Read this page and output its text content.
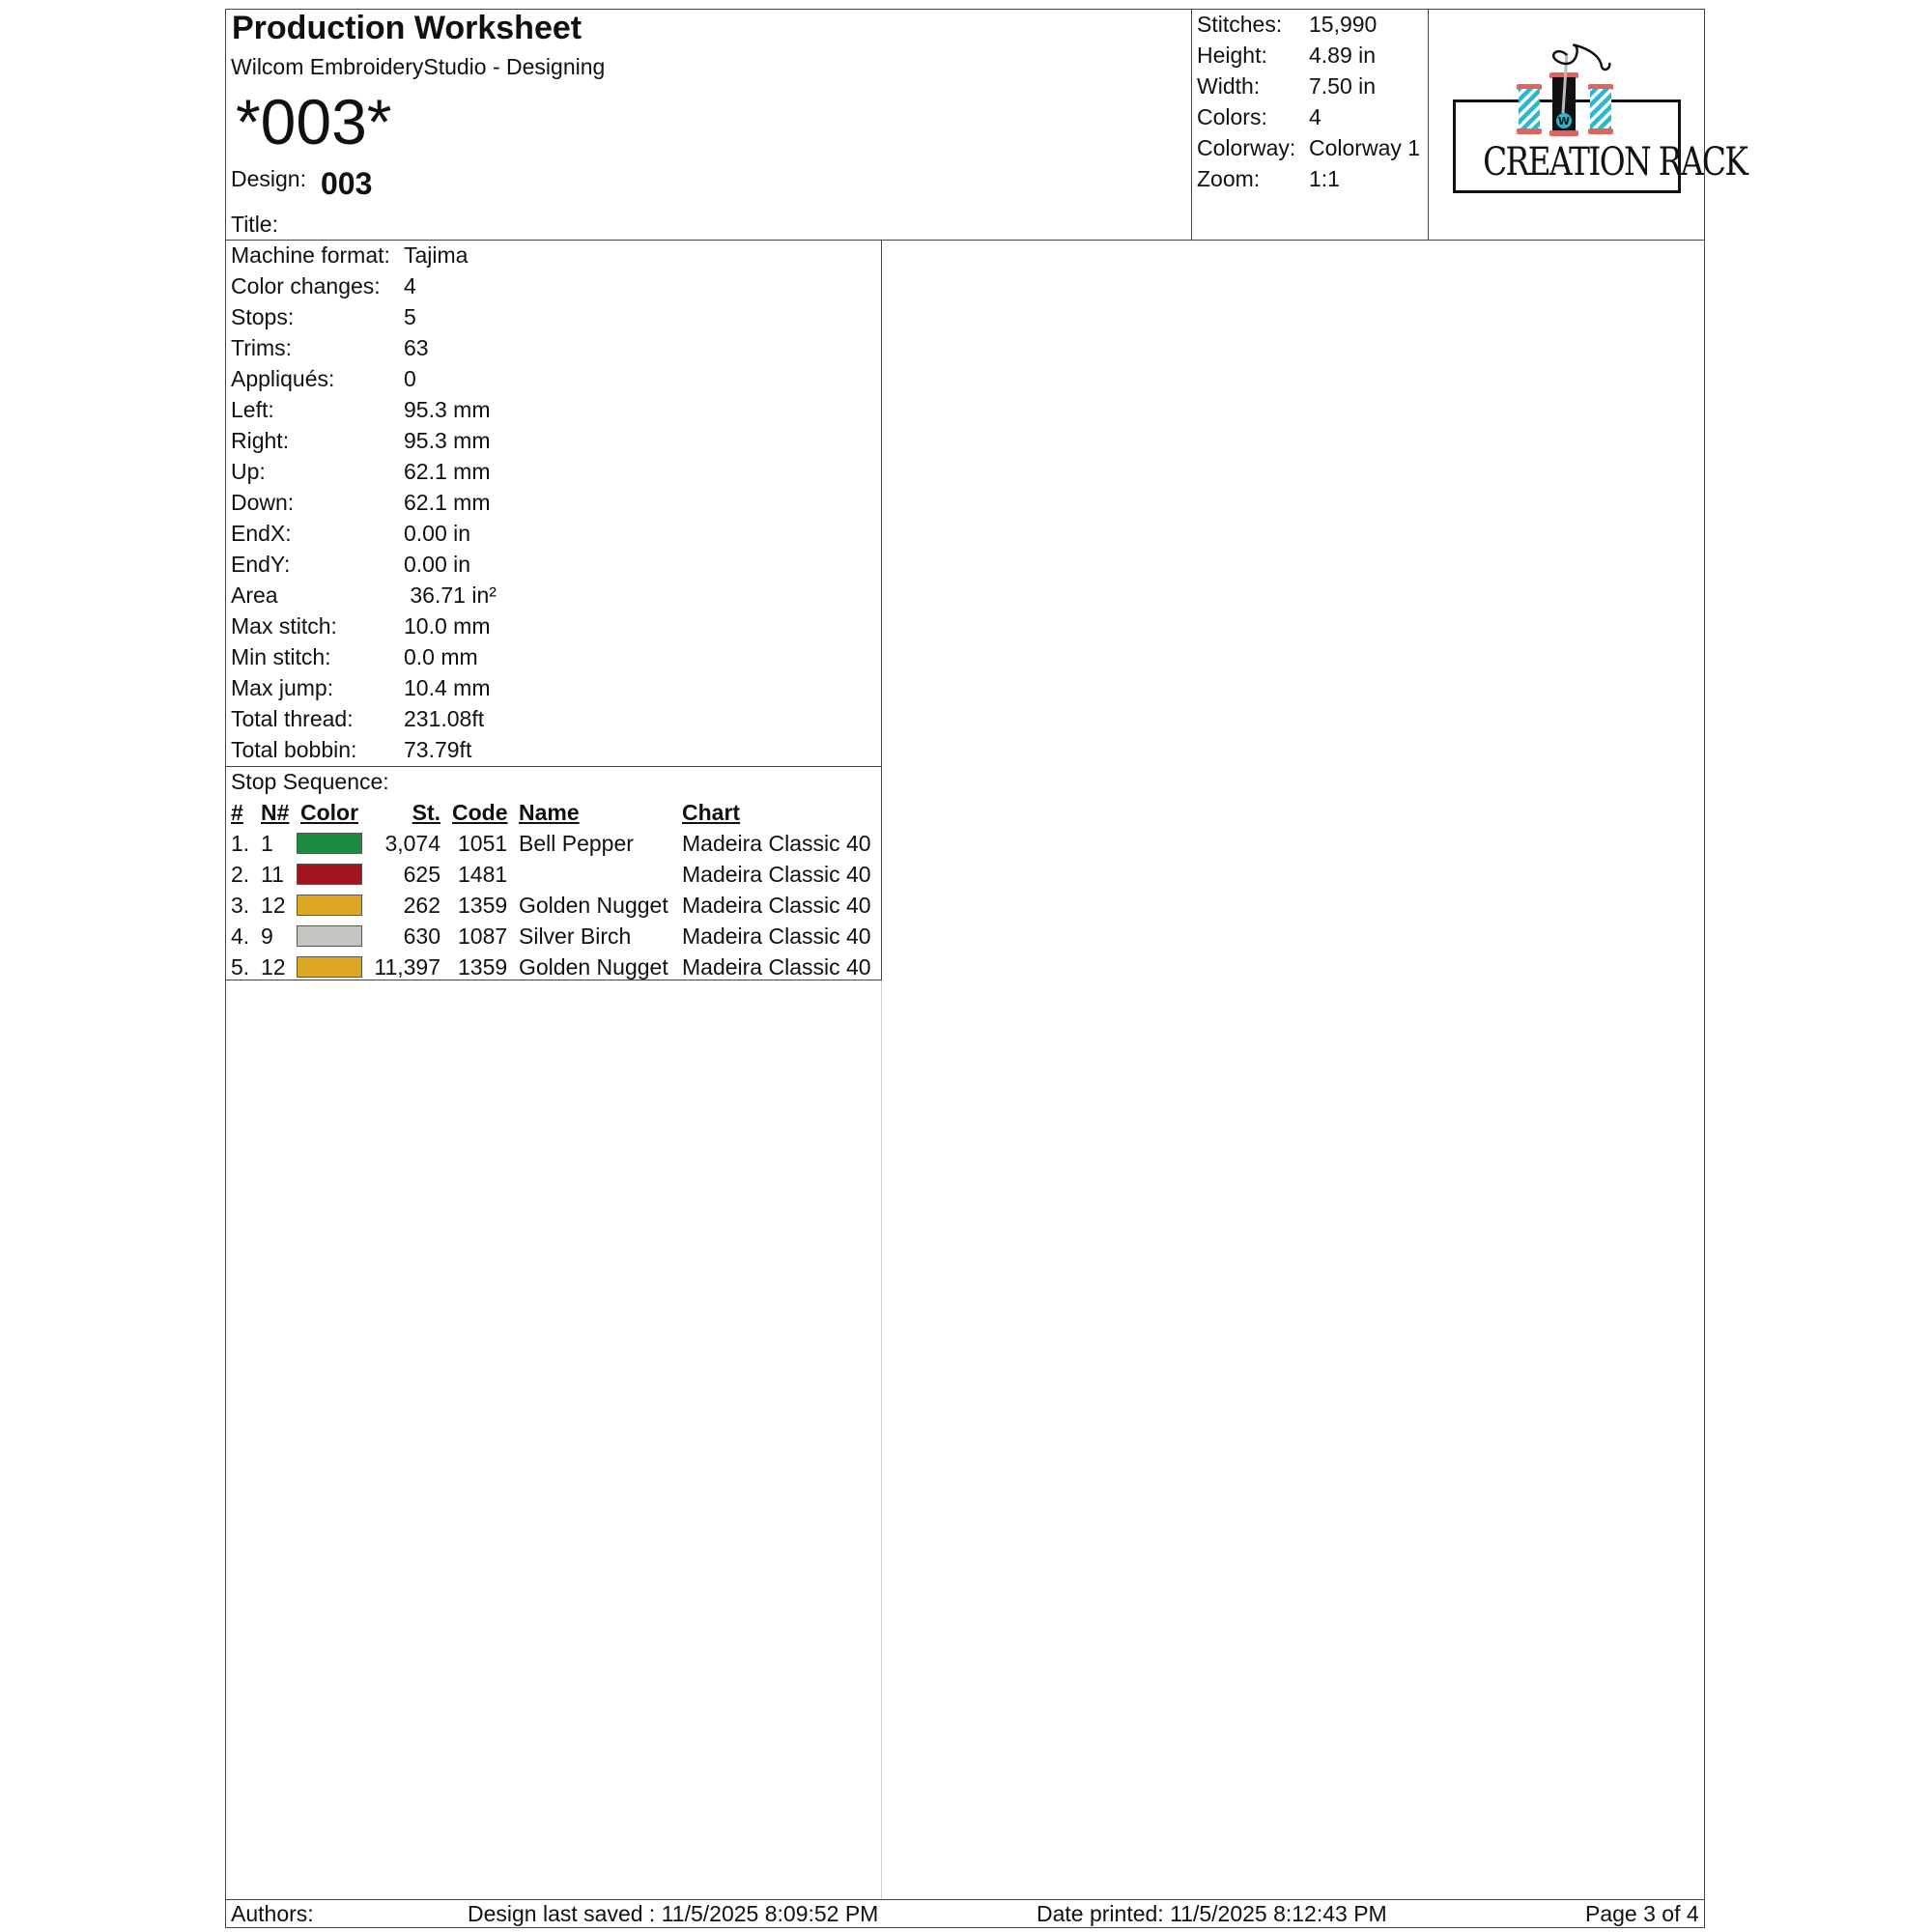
Production Worksheet
Wilcom EmbroideryStudio - Designing
*003*
Design: 003
Title:
Stitches: 15,990
Height: 4.89 in
Width: 7.50 in
Colors: 4
Colorway: Colorway 1
Zoom: 1:1
W
CREATION RACK
Machine format: Tajima
Color changes: 4
Stops:	5
Trims:	63
Appliqués:	0
Left:	95.3 mm
Right:	95.3 mm
Up:	62.1 mm
Down:	62.1 mm
EndX:	0.00 in
EndY:	0.00 in
Area	36.71 in²
Max stitch:	10.0 mm
Min stitch:	0.0 mm
Max jump:	10.4 mm
Total thread: 231.08ft
Total bobbin: 73.79ft
Stop Sequence:
# N# Color	St. Code Name	Chart
1. 1	3,074 1051 Bell Pepper Madeira Classic 40
2. 11	625 1481	Madeira Classic 40
3. 12	262 1359 Golden Nugget Madeira Classic 40
4. 9	630 1087 Silver Birch Madeira Classic 40
5. 12	11,397 1359 Golden Nugget Madeira Classic 40
Authors:	Design last saved : 11/5/2025 8:09:52 PM	Date printed: 11/5/2025 8:12:43 PM	Page 3 of 4
